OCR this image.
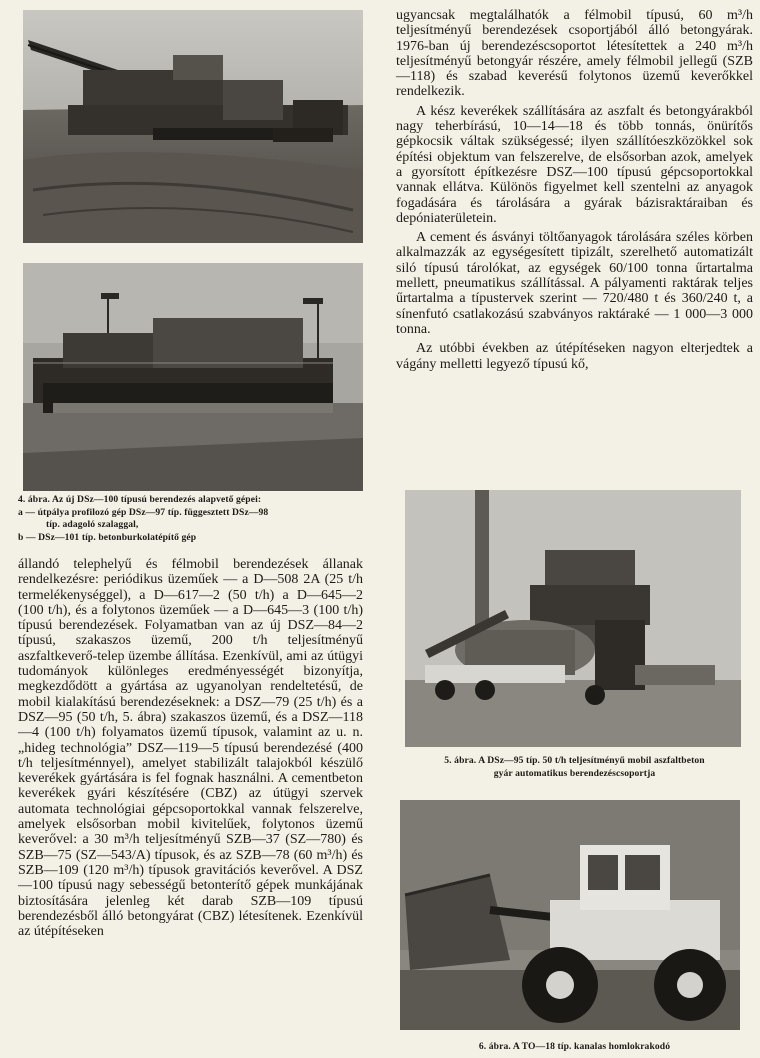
4. ábra. Az új DSz—100 típusú berendezés alapvető gépei:
a — útpálya profilozó gép DSz—97 típ. függesztett DSz—98
típ. adagoló szalaggal,
b — DSz—101 típ. betonburkolatépítő gép

állandó telephelyű és félmobil berendezések állanak rendelkezésre: periódikus üzeműek — a D—508 2A (25 t/h termelékenységgel), a D—617—2 (50 t/h) a D—645—2 (100 t/h), és a folytonos üzeműek — a D—645—3 (100 t/h) típusú berendezések. Folyamatban van az új DSZ—84—2 típusú, szakaszos üzemű, 200 t/h teljesítményű aszfaltkeverő-telep üzembe állítása. Ezenkívül, ami az útügyi tudományok különleges eredményességét bizonyítja, megkezdődött a gyártása az ugyanolyan rendeltetésű, de mobil kialakítású berendezéseknek: a DSZ—79 (25 t/h) és a DSZ—95 (50 t/h, 5. ábra) szakaszos üzemű, és a DSZ—118—4 (100 t/h) folyamatos üzemű típusok, valamint az u. n. „hideg technológia” DSZ—119—5 típusú berendezésé (400 t/h teljesítménnyel), amelyet stabilizált talajokból készülő keverékek gyártására is fel fognak használni. A cementbeton keverékek gyári készítésére (CBZ) az útügyi szervek automata technológiai gépcsoportokkal vannak felszerelve, amelyek elsősorban mobil kivitelűek, folytonos üzemű keverővel: a 30 m³/h teljesítményű SZB—37 (SZ—780) és SZB—75 (SZ—543/A) típusok, és az SZB—78 (60 m³/h) és SZB—109 (120 m³/h) típusok gravitációs keverővel. A DSZ—100 típusú nagy sebességű betonterítő gépek munkájának biztosítására jelenleg két darab SZB—109 típusú berendezésből álló betongyárat (CBZ) létesítenek. Ezenkívül az útépítéseken

ugyancsak megtalálhatók a félmobil típusú, 60 m³/h teljesítményű berendezések csoportjából álló betongyárak. 1976-ban új berendezéscsoportot létesítettek a 240 m³/h teljesítményű betongyár részére, amely félmobil jellegű (SZB—118) és szabad keverésű folytonos üzemű keverőkkel rendelkezik.

A kész keverékek szállítására az aszfalt és betongyárakból nagy teherbírású, 10—14—18 és több tonnás, önürítős gépkocsik váltak szükségessé; ilyen szállítóeszközökkel sok építési objektum van felszerelve, de elsősorban azok, amelyek a gyorsított építkezésre DSZ—100 típusú gépcsoportokkal vannak ellátva. Különös figyelmet kell szentelni az anyagok fogadására és tárolására a gyárak bázisraktáraiban és depóniaterületein.

A cement és ásványi töltőanyagok tárolására széles körben alkalmazzák az egységesített tipizált, szerelhető automatizált siló típusú tárolókat, az egységek 60/100 tonna űrtartalma mellett, pneumatikus szállítással. A pályamenti raktárak teljes űrtartalma a típustervek szerint — 720/480 t és 360/240 t, a sínenfutó csatlakozású szabványos raktáraké — 1 000—3 000 tonna.

Az utóbbi években az útépítéseken nagyon elterjedtek a vágány melletti legyező típusú kő,

5. ábra. A DSz—95 típ. 50 t/h teljesítményű mobil aszfaltbeton
gyár automatikus berendezéscsoportja
6. ábra. A TO—18 típ. kanalas homlokrakodó
